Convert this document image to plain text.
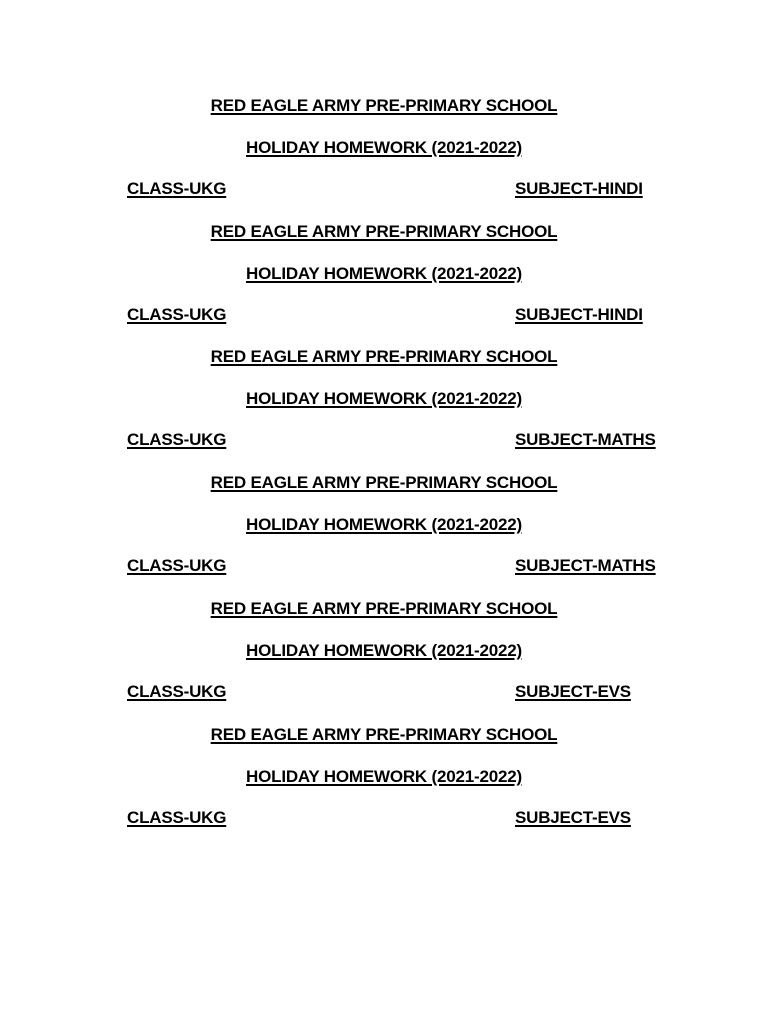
RED EAGLE ARMY PRE-PRIMARY SCHOOL
HOLIDAY HOMEWORK (2021-2022)
CLASS-UKG	SUBJECT-HINDI
RED EAGLE ARMY PRE-PRIMARY SCHOOL
HOLIDAY HOMEWORK (2021-2022)
CLASS-UKG	SUBJECT-HINDI
RED EAGLE ARMY PRE-PRIMARY SCHOOL
HOLIDAY HOMEWORK (2021-2022)
CLASS-UKG	SUBJECT-MATHS
RED EAGLE ARMY PRE-PRIMARY SCHOOL
HOLIDAY HOMEWORK (2021-2022)
CLASS-UKG	SUBJECT-MATHS
RED EAGLE ARMY PRE-PRIMARY SCHOOL
HOLIDAY HOMEWORK (2021-2022)
CLASS-UKG	SUBJECT-EVS
RED EAGLE ARMY PRE-PRIMARY SCHOOL
HOLIDAY HOMEWORK (2021-2022)
CLASS-UKG	SUBJECT-EVS
